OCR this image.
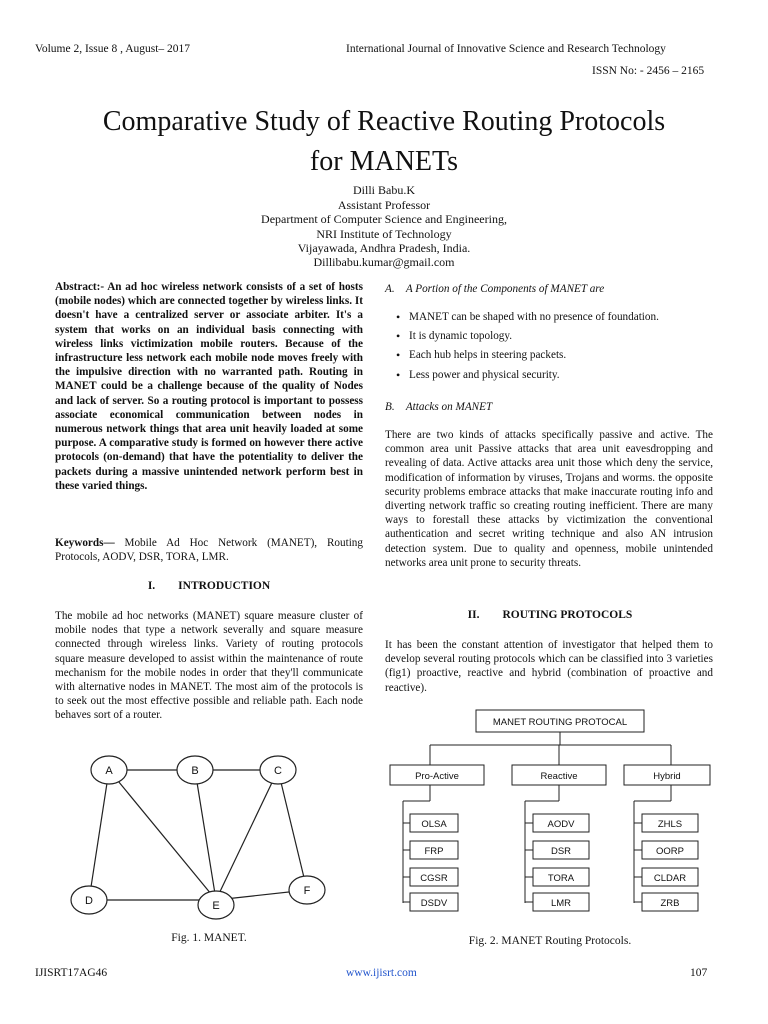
Volume 2, Issue 8 , August– 2017	International Journal of Innovative Science and Research Technology
ISSN No: - 2456 – 2165
Comparative Study of Reactive Routing Protocols
for MANETs
Dilli Babu.K
Assistant Professor
Department of Computer Science and Engineering,
NRI Institute of Technology
Vijayawada, Andhra Pradesh, India.
Dillibabu.kumar@gmail.com
Abstract:- An ad hoc wireless network consists of a set of hosts (mobile nodes) which are connected together by wireless links. It doesn't have a centralized server or associate arbiter. It's a system that works on an individual basis connecting with wireless links victimization mobile routers. Because of the infrastructure less network each mobile node moves freely with the impulsive direction with no warranted path. Routing in MANET could be a challenge because of the quality of Nodes and lack of server. So a routing protocol is important to possess associate economical communication between nodes in numerous network things that area unit heavily loaded at some purpose. A comparative study is formed on however there active protocols (on-demand) that have the potentiality to deliver the packets during a massive unintended network perform best in these varied things.
Keywords— Mobile Ad Hoc Network (MANET), Routing Protocols, AODV, DSR, TORA, LMR.
I.  INTRODUCTION
The mobile ad hoc networks (MANET) square measure cluster of mobile nodes that type a network severally and square measure connected through wireless links. Variety of routing protocols square measure developed to assist within the maintenance of route mechanism for the mobile nodes in order that they'll communicate with alternative nodes in MANET. The most aim of the protocols is to seek out the most effective possible and reliable path. Each node behaves sort of a router.
A	B	C
D	E
F
Fig. 1. MANET.
A. A Portion of the Components of MANET are
• MANET can be shaped with no presence of foundation.
• It is dynamic topology.
• Each hub helps in steering packets.
• Less power and physical security.
B. Attacks on MANET
There are two kinds of attacks specifically passive and active. The common area unit Passive attacks that area unit eavesdropping and revealing of data. Active attacks area unit those which deny the service, modification of information by viruses, Trojans and worms. the opposite security problems embrace attacks that make inaccurate routing info and diverting network traffic so creating routing inefficient. There are many ways to forestall these attacks by victimization the conventional authentication and secret writing technique and also AN intrusion detection system. Due to quality and openness, mobile unintended networks area unit prone to security threats.
II.  ROUTING PROTOCOLS
It has been the constant attention of investigator that helped them to develop several routing protocols which can be classified into 3 varieties (fig1) proactive, reactive and hybrid (combination of proactive and reactive).
MANET ROUTING PROTOCAL
Pro-Active	Reactive	Hybrid
OLSA
FRP
CGSR
DSDV
AODV
DSR
TORA
LMR
ZHLS
OORP
CLDAR
ZRB
Fig. 2. MANET Routing Protocols.
IJISRT17AG46	www.ijisrt.com	107
